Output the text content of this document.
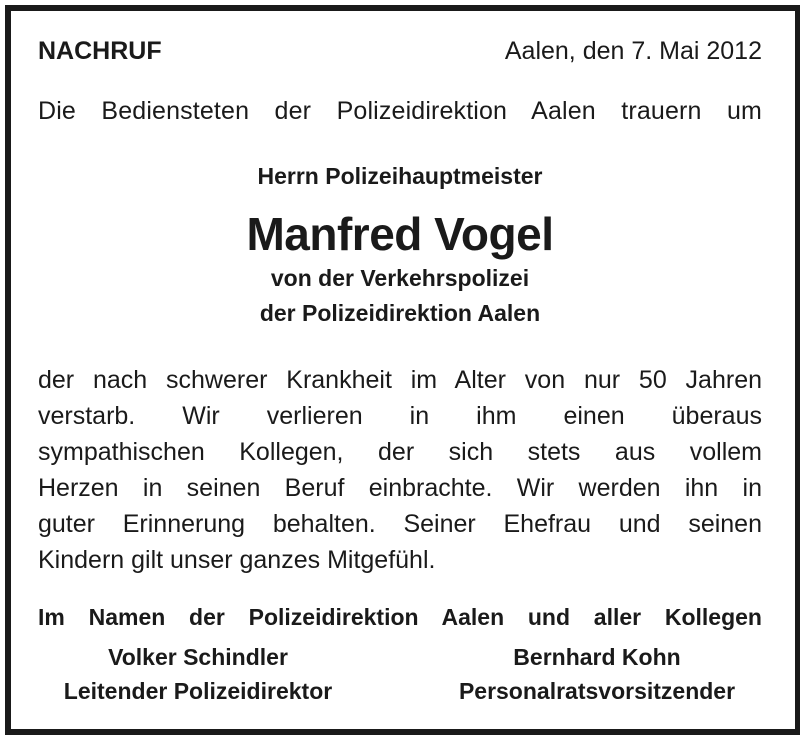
NACHRUF	Aalen, den 7. Mai 2012
Die Bediensteten der Polizeidirektion Aalen trauern um
Herrn Polizeihauptmeister
Manfred Vogel
von der Verkehrspolizei
der Polizeidirektion Aalen
der nach schwerer Krankheit im Alter von nur 50 Jahren
verstarb. Wir verlieren in ihm einen überaus
sympathischen Kollegen, der sich stets aus vollem
Herzen in seinen Beruf einbrachte. Wir werden ihn in
guter Erinnerung behalten. Seiner Ehefrau und seinen
Kindern gilt unser ganzes Mitgefühl.
Im Namen der Polizeidirektion Aalen und aller Kollegen
Volker Schindler	Bernhard Kohn
Leitender Polizeidirektor	Personalratsvorsitzender
